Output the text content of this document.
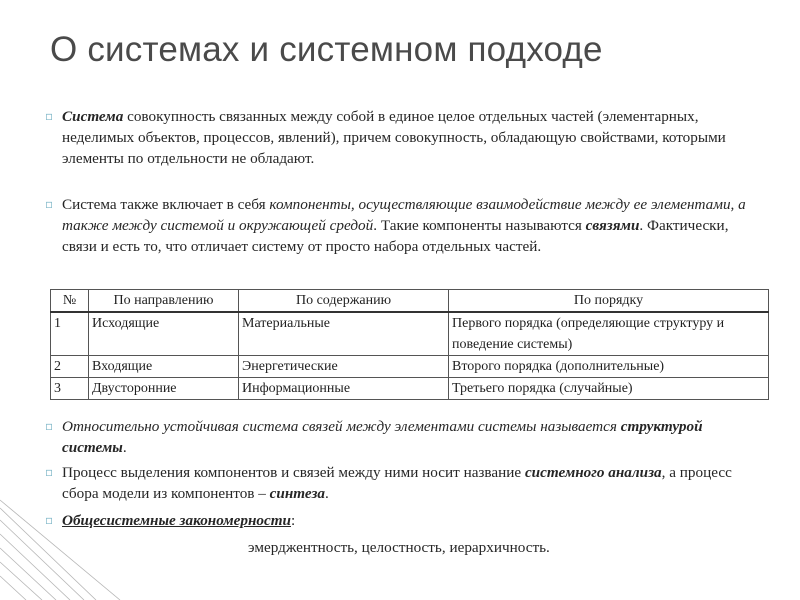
О системах и системном подходе
▫ Система совокупность связанных между собой в единое целое отдельных частей (элементарных, неделимых объектов, процессов, явлений), причем совокупность, обладающую свойствами, которыми элементы по отдельности не обладают.
▫ Система также включает в себя компоненты, осуществляющие взаимодействие между ее элементами, а также между системой и окружающей средой. Такие компоненты называются связями. Фактически, связи и есть то, что отличает систему от просто набора отдельных частей.
№	По направлению	По содержанию	По порядку
1	Исходящие	Материальные	Первого порядка (определяющие структуру и поведение системы)
2	Входящие	Энергетические	Второго порядка (дополнительные)
3	Двусторонние	Информационные	Третьего порядка (случайные)
▫ Относительно устойчивая система связей между элементами системы называется структурой системы.
▫ Процесс выделения компонентов и связей между ними носит название системного анализа, а процесс сбора модели из компонентов – синтеза.
▫ Общесистемные закономерности:
эмерджентность, целостность, иерархичность.
